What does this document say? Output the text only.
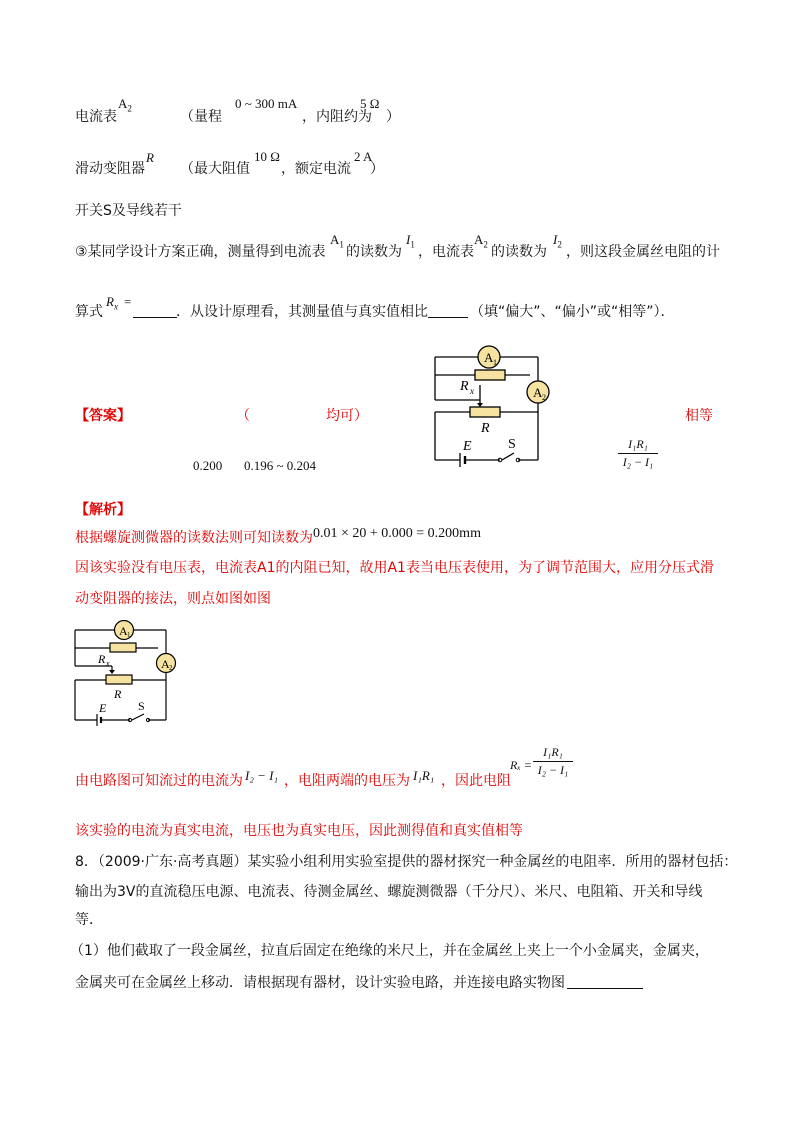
电流表
$A_2$
（量程
0 ~ 300 mA
，内阻约为
5 Ω
）
滑动变阻器
R
（最大阻值
10 Ω
，额定电流
2 A
）
开关S及导线若干
③某同学设计方案正确，测量得到电流表
$A_1$ 的读数为
$I_1$ ，电流表
$A_2$ 的读数为
$I_2$ ，则这段金属丝电阻的计
算式
$R_x$ =
．从设计原理看，其测量值与真实值相比	（填“偏大”、“偏小”或“相等”）．
【答案】	（	均可）
0.200 0.196 ~ 0.204
相等
I₁R₁
I₂ − I₁
A 1
A 2
R x
R
E	S
【解析】
根据螺旋测微器的读数法则可知读数为 0.01 × 20 + 0.000 = 0.200mm
因该实验没有电压表，电流表A1的内阻已知，故用A1表当电压表使用，为了调节范围大，应用分压式滑
动变阻器的接法，则点如图如图
A 1
A 2
R x
R
E	S
由电路图可知流过的电流为 I₂ − I₁ ，电阻两端的电压为 I₁R₁ ，因此电阻
Rₓ =
I₁R₁
I₂ − I₁
该实验的电流为真实电流，电压也为真实电压，因此测得值和真实值相等
8．（2009·广东·高考真题）某实验小组利用实验室提供的器材探究一种金属丝的电阻率．所用的器材包括：
输出为3V的直流稳压电源、电流表、待测金属丝、螺旋测微器（千分尺）、米尺、电阻箱、开关和导线
等．
（1）他们截取了一段金属丝，拉直后固定在绝缘的米尺上，并在金属丝上夹上一个小金属夹，金属夹，
金属夹可在金属丝上移动．请根据现有器材，设计实验电路，并连接电路实物图
